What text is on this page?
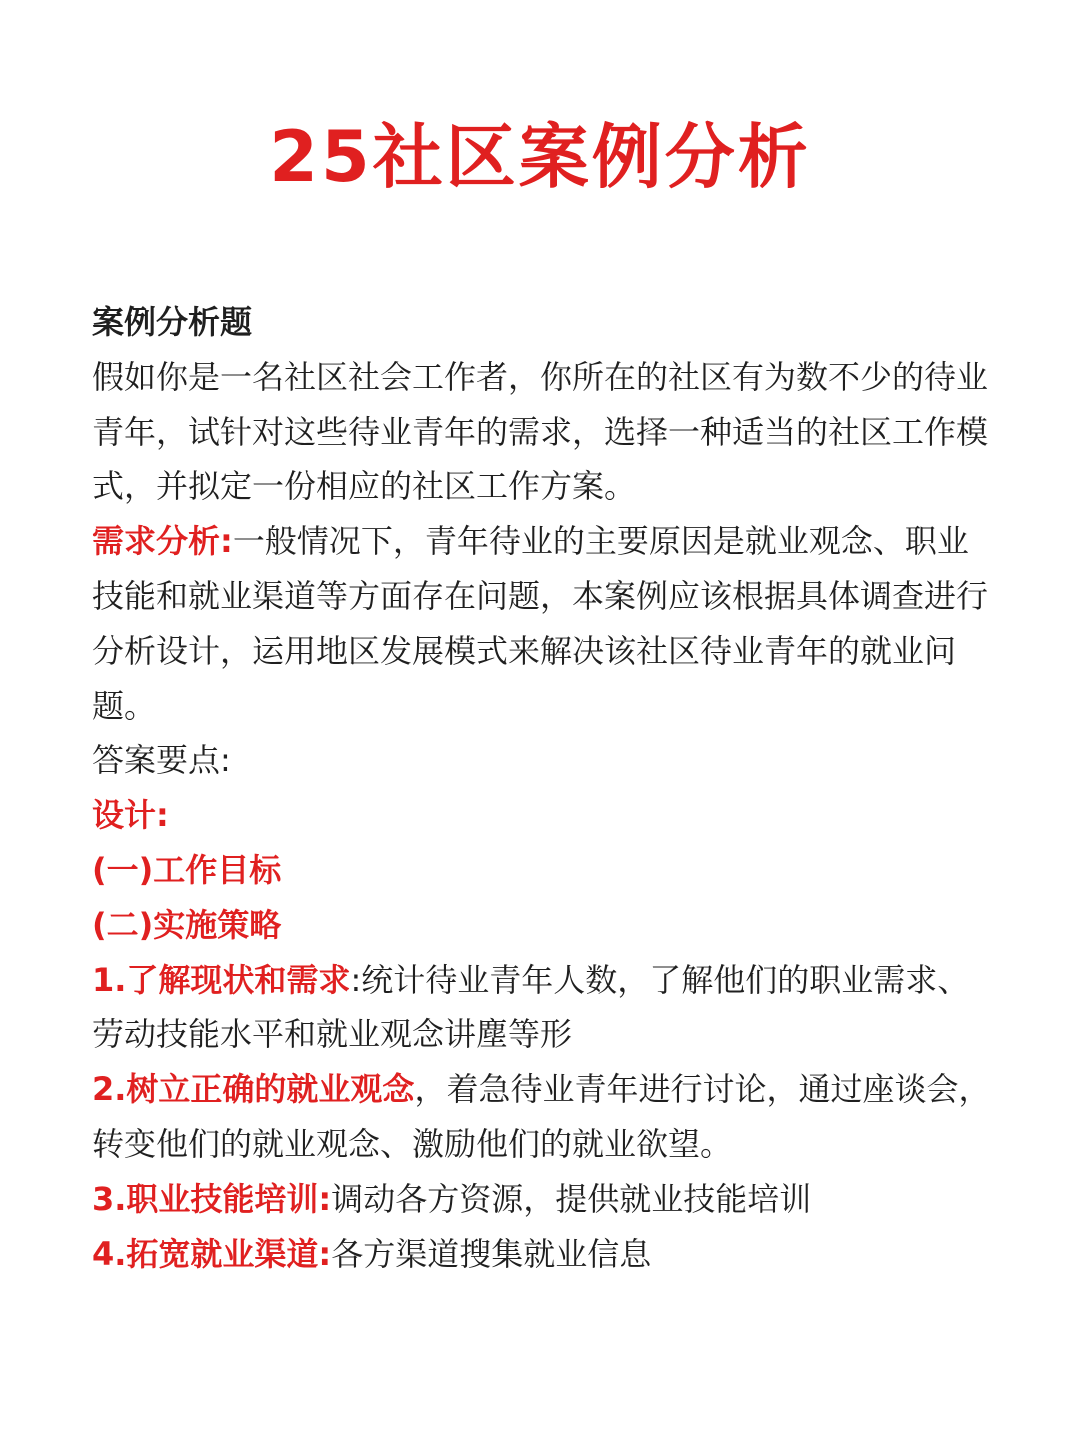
25社区案例分析

案例分析题

假如你是一名社区社会工作者，你所在的社区有为数不少的待业青年，试针对这些待业青年的需求，选择一种适当的社区工作模式，并拟定一份相应的社区工作方案。

需求分析:一般情况下，青年待业的主要原因是就业观念、职业技能和就业渠道等方面存在问题，本案例应该根据具体调查进行分析设计，运用地区发展模式来解决该社区待业青年的就业问题。

答案要点:

设计:

(一)工作目标

(二)实施策略

1.了解现状和需求:统计待业青年人数，了解他们的职业需求、劳动技能水平和就业观念讲塵等形

2.树立正确的就业观念，着急待业青年进行讨论，通过座谈会，转变他们的就业观念、激励他们的就业欲望。

3.职业技能培训:调动各方资源，提供就业技能培训

4.拓宽就业渠道:各方渠道搜集就业信息
